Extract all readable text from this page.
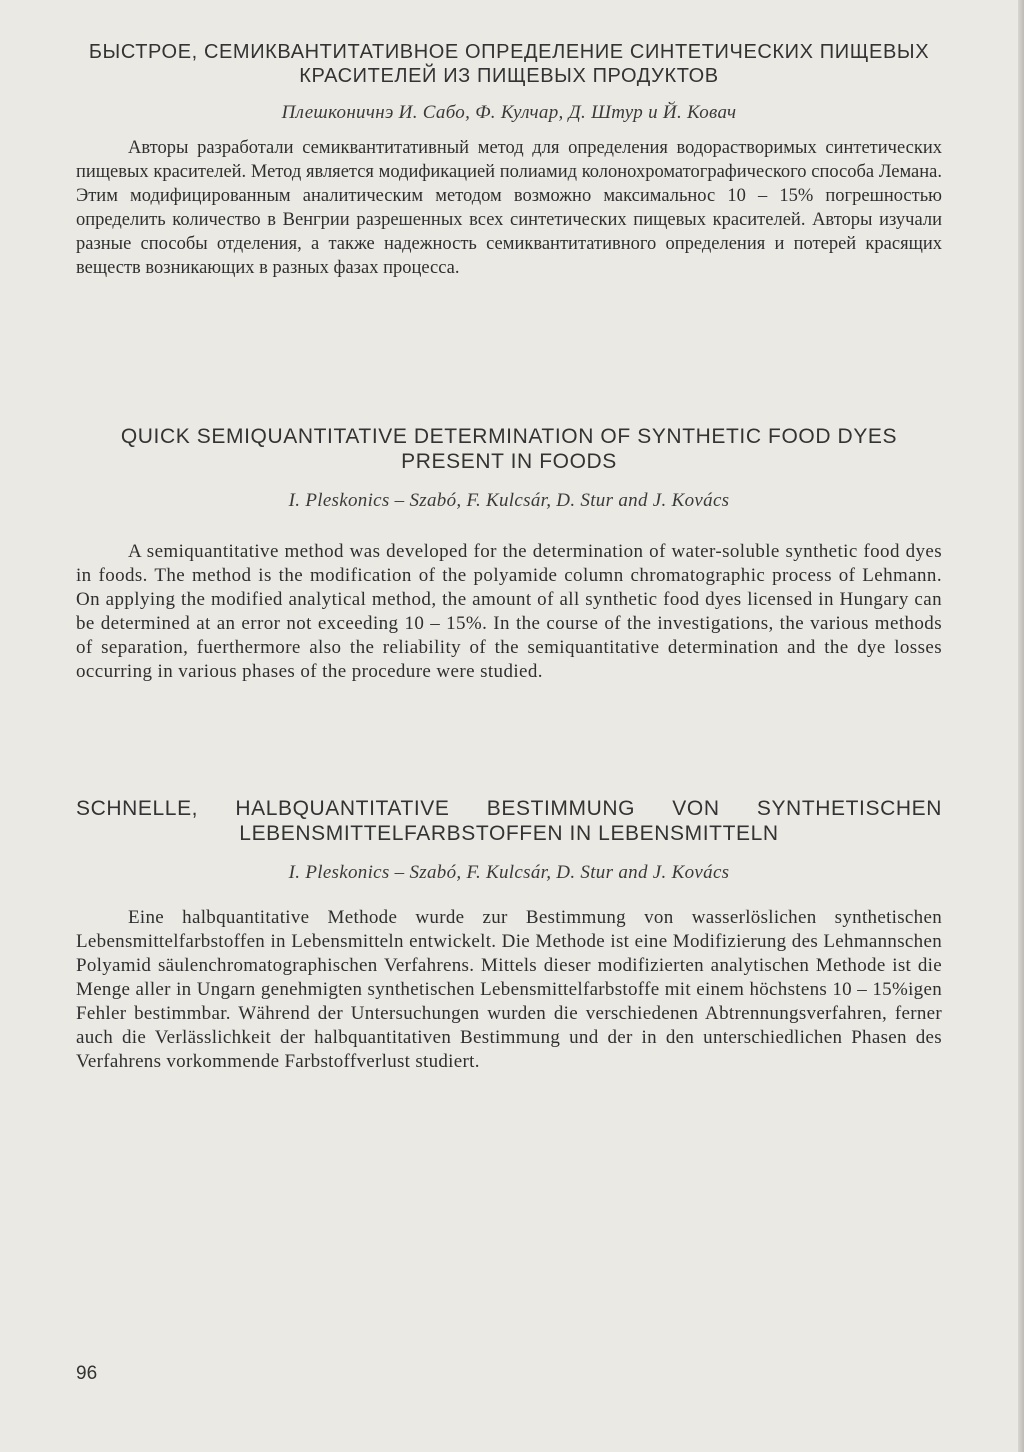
БЫСТРОЕ, СЕМИКВАНТИТАТИВНОЕ ОПРЕДЕЛЕНИЕ СИНТЕТИЧЕСКИХ ПИЩЕВЫХ КРАСИТЕЛЕЙ ИЗ ПИЩЕВЫХ ПРОДУКТОВ

Плешконичнэ И. Сабо, Ф. Кулчар, Д. Штур и Й. Ковач

Авторы разработали семиквантитативный метод для определения водорастворимых синтетических пищевых красителей. Метод является модификацией полиамид колонохроматографического способа Лемана. Этим модифицированным аналитическим методом возможно максимальнос 10 – 15% погрешностью определить количество в Венгрии разрешенных всех синтетических пищевых красителей. Авторы изучали разные способы отделения, а также надежность семиквантитативного определения и потерей красящих веществ возникающих в разных фазах процесса.

QUICK SEMIQUANTITATIVE DETERMINATION OF SYNTHETIC FOOD DYES PRESENT IN FOODS

I. Pleskonics – Szabó, F. Kulcsár, D. Stur and J. Kovács

A semiquantitative method was developed for the determination of water-soluble synthetic food dyes in foods. The method is the modification of the polyamide column chromatographic process of Lehmann. On applying the modified analytical method, the amount of all synthetic food dyes licensed in Hungary can be determined at an error not exceeding 10 – 15%. In the course of the investigations, the various methods of separation, fuerthermore also the reliability of the semiquantitative determination and the dye losses occurring in various phases of the procedure were studied.

SCHNELLE, HALBQUANTITATIVE BESTIMMUNG VON SYNTHETISCHEN LEBENSMITTELFARBSTOFFEN IN LEBENSMITTELN

I. Pleskonics – Szabó, F. Kulcsár, D. Stur and J. Kovács

Eine halbquantitative Methode wurde zur Bestimmung von wasserlöslichen synthetischen Lebensmittelfarbstoffen in Lebensmitteln entwickelt. Die Methode ist eine Modifizierung des Lehmannschen Polyamid säulenchromatographischen Verfahrens. Mittels dieser modifizierten analytischen Methode ist die Menge aller in Ungarn genehmigten synthetischen Lebensmittelfarbstoffe mit einem höchstens 10 – 15%igen Fehler bestimmbar. Während der Untersuchungen wurden die verschiedenen Abtrennungsverfahren, ferner auch die Verlässlichkeit der halbquantitativen Bestimmung und der in den unterschiedlichen Phasen des Verfahrens vorkommende Farbstoffverlust studiert.

96
